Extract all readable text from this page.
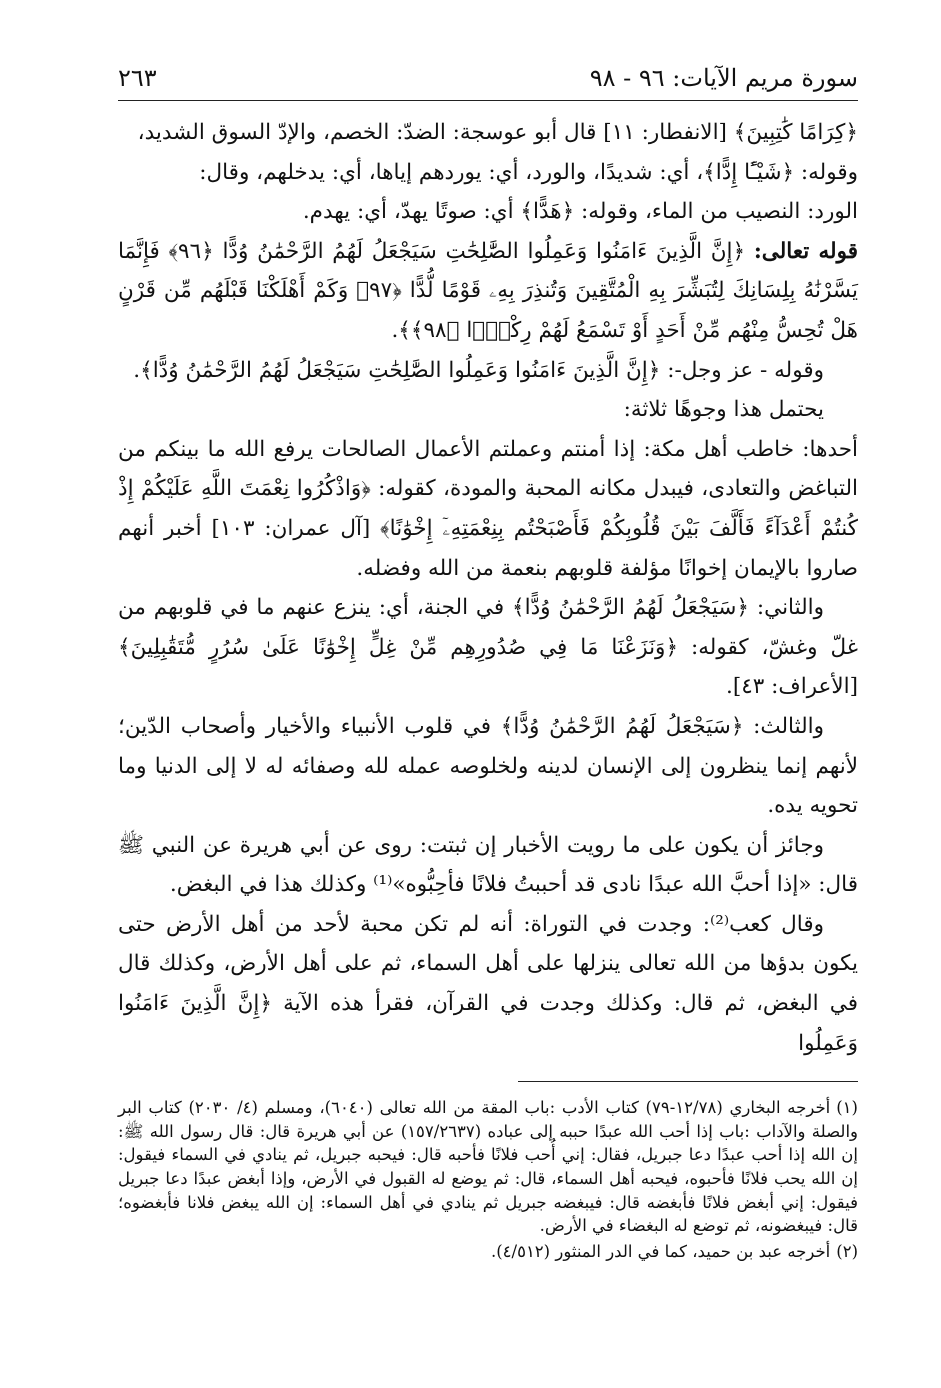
سورة مريم الآيات: ٩٦ - ٩٨
٢٦٣

﴿كِرَامًا كَٰتِبِينَ﴾ [الانفطار: ١١] قال أبو عوسجة: الضدّ: الخصم، والإدّ السوق الشديد،

وقوله: ﴿شَيْـًٔا إِدًّا﴾، أي: شديدًا، والورد، أي: يوردهم إياها، أي: يدخلهم، وقال:

الورد: النصيب من الماء، وقوله: ﴿هَدًّا﴾ أي: صوتًا يهدّ، أي: يهدم.

قوله تعالى: ﴿إِنَّ الَّذِينَ ءَامَنُوا وَعَمِلُوا الصَّٰلِحَٰتِ سَيَجْعَلُ لَهُمُ الرَّحْمَٰنُ وُدًّا ﴿٩٦﴾ فَإِنَّمَا يَسَّرْنَٰهُ بِلِسَانِكَ لِتُبَشِّرَ بِهِ الْمُتَّقِينَ وَتُنذِرَ بِهِۦ قَوْمًا لُّدًّا ﴿٩٧﴾ وَكَمْ أَهْلَكْنَا قَبْلَهُم مِّن قَرْنٍ هَلْ تُحِسُّ مِنْهُم مِّنْ أَحَدٍ أَوْ تَسْمَعُ لَهُمْ رِكْزًۢا ﴿٩٨﴾﴾.

وقوله - عز وجل-: ﴿إِنَّ الَّذِينَ ءَامَنُوا وَعَمِلُوا الصَّٰلِحَٰتِ سَيَجْعَلُ لَهُمُ الرَّحْمَٰنُ وُدًّا﴾.

يحتمل هذا وجوهًا ثلاثة:

أحدها: خاطب أهل مكة: إذا أمنتم وعملتم الأعمال الصالحات يرفع الله ما بينكم من التباغض والتعادى، فيبدل مكانه المحبة والمودة، كقوله: ﴿وَاذْكُرُوا نِعْمَتَ اللَّهِ عَلَيْكُمْ إِذْ كُنتُمْ أَعْدَآءً فَأَلَّفَ بَيْنَ قُلُوبِكُمْ فَأَصْبَحْتُم بِنِعْمَتِهِۦٓ إِخْوَٰنًا﴾ [آل عمران: ١٠٣] أخبر أنهم صاروا بالإيمان إخوانًا مؤلفة قلوبهم بنعمة من الله وفضله.

والثاني: ﴿سَيَجْعَلُ لَهُمُ الرَّحْمَٰنُ وُدًّا﴾ في الجنة، أي: ينزع عنهم ما في قلوبهم من غلّ وغشّ، كقوله: ﴿وَنَزَعْنَا مَا فِي صُدُورِهِم مِّنْ غِلٍّ إِخْوَٰنًا عَلَىٰ سُرُرٍ مُّتَقَٰبِلِينَ﴾ [الأعراف: ٤٣].

والثالث: ﴿سَيَجْعَلُ لَهُمُ الرَّحْمَٰنُ وُدًّا﴾ في قلوب الأنبياء والأخيار وأصحاب الدّين؛ لأنهم إنما ينظرون إلى الإنسان لدينه ولخلوصه عمله لله وصفائه له لا إلى الدنيا وما تحويه يده.

وجائز أن يكون على ما رويت الأخبار إن ثبتت: روى عن أبي هريرة عن النبي ﷺ قال: «إذا أحبَّ الله عبدًا نادى قد أحببتُ فلانًا فأحِبُّوه»⁽¹⁾ وكذلك هذا في البغض.

وقال كعب⁽²⁾: وجدت في التوراة: أنه لم تكن محبة لأحد من أهل الأرض حتى يكون بدؤها من الله تعالى ينزلها على أهل السماء، ثم على أهل الأرض، وكذلك قال في البغض، ثم قال: وكذلك وجدت في القرآن، فقرأ هذه الآية ﴿إِنَّ الَّذِينَ ءَامَنُوا وَعَمِلُوا

(١)أخرجه البخاري (١٢/٧٨-٧٩) كتاب الأدب :باب المقة من الله تعالى (٦٠٤٠)، ومسلم (٤/ ٢٠٣٠) كتاب البر والصلة والآداب :باب إذا أحب الله عبدًا حببه إلى عباده (١٥٧/٢٦٣٧) عن أبي هريرة قال: قال رسول الله ﷺ: إن الله إذا أحب عبدًا دعا جبريل، فقال: إني أُحب فلانًا فأحبه قال: فيحبه جبريل، ثم ينادي في السماء فيقول: إن الله يحب فلانًا فأحبوه، فيحبه أهل السماء، قال: ثم يوضع له القبول في الأرض، وإذا أبغض عبدًا دعا جبريل فيقول: إني أبغض فلانًا فأبغضه قال: فيبغضه جبريل ثم ينادي في أهل السماء: إن الله يبغض فلانا فأبغضوه؛ قال: فيبغضونه، ثم توضع له البغضاء في الأرض.

(٢)أخرجه عبد بن حميد، كما في الدر المنثور (٤/٥١٢).
